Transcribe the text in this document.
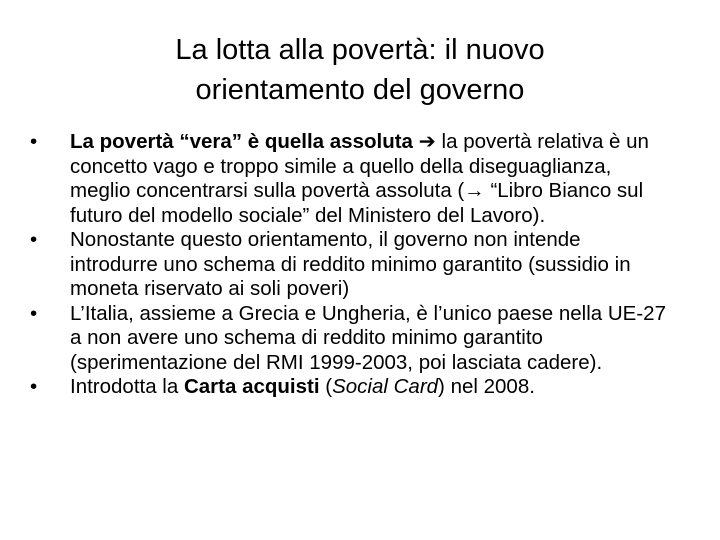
La lotta alla povertà: il nuovo
orientamento del governo
•	La povertà “vera” è quella assoluta ➔ la povertà relativa è un concetto vago e troppo simile a quello della diseguaglianza, meglio concentrarsi sulla povertà assoluta (→ “Libro Bianco sul futuro del modello sociale” del Ministero del Lavoro).
•	Nonostante questo orientamento, il governo non intende introdurre uno schema di reddito minimo garantito (sussidio in moneta riservato ai soli poveri)
•	L’Italia, assieme a Grecia e Ungheria, è l’unico paese nella UE-27 a non avere uno schema di reddito minimo garantito (sperimentazione del RMI 1999-2003, poi lasciata cadere).
•	Introdotta la Carta acquisti (Social Card) nel 2008.
